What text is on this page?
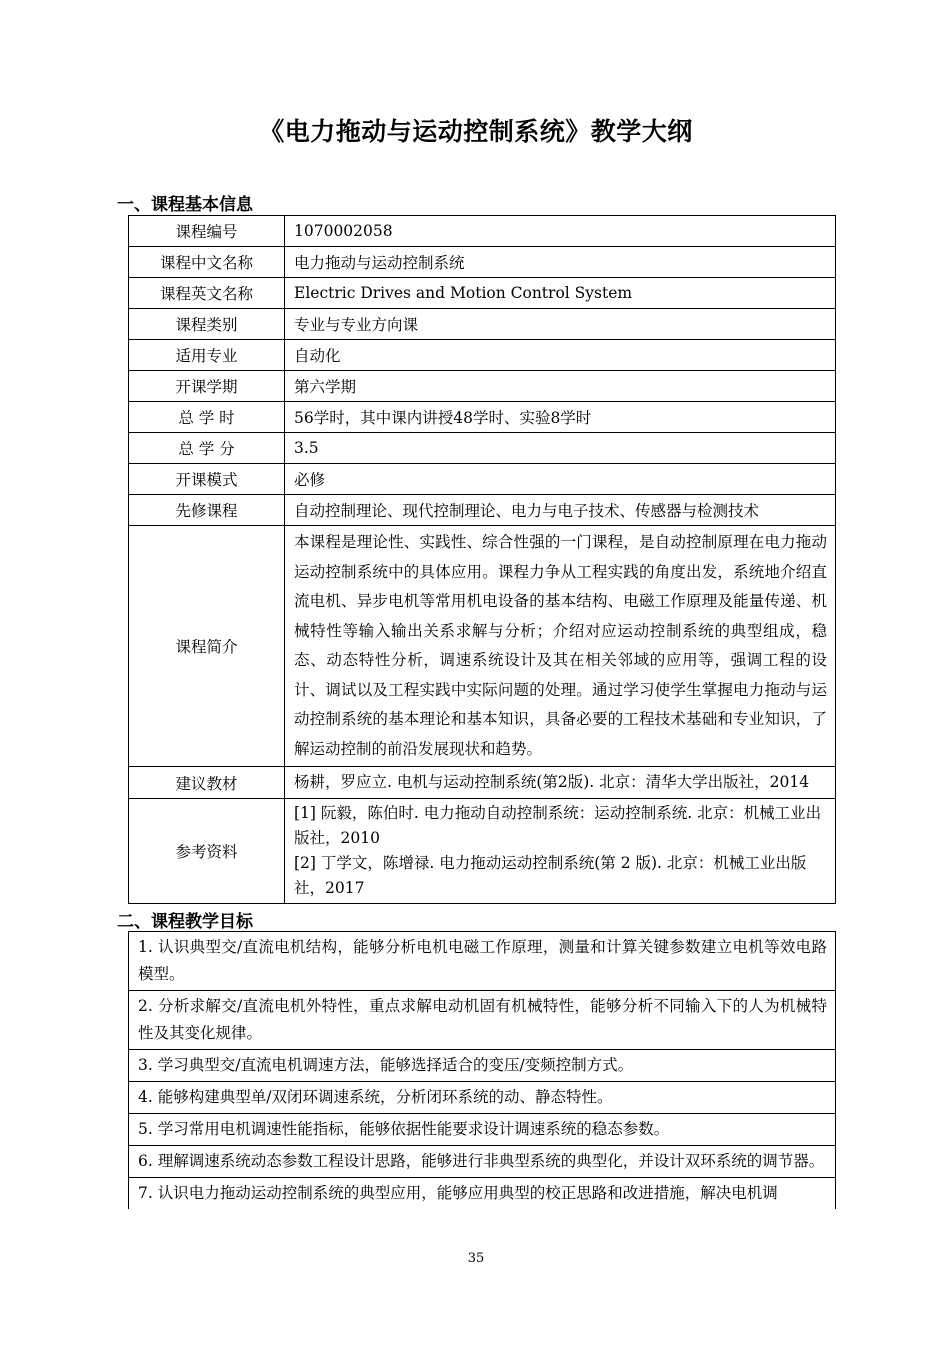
《电力拖动与运动控制系统》教学大纲
一、课程基本信息
课程编号	1070002058
课程中文名称	电力拖动与运动控制系统
课程英文名称	Electric Drives and Motion Control System
课程类别	专业与专业方向课
适用专业	自动化
开课学期	第六学期
总 学 时	56学时，其中课内讲授48学时、实验8学时
总 学 分	3.5
开课模式	必修
先修课程	自动控制理论、现代控制理论、电力与电子技术、传感器与检测技术
课程简介	本课程是理论性、实践性、综合性强的一门课程，是自动控制原理在电力拖动运动控制系统中的具体应用。课程力争从工程实践的角度出发，系统地介绍直流电机、异步电机等常用机电设备的基本结构、电磁工作原理及能量传递、机械特性等输入输出关系求解与分析；介绍对应运动控制系统的典型组成，稳态、动态特性分析，调速系统设计及其在相关邻域的应用等，强调工程的设计、调试以及工程实践中实际问题的处理。通过学习使学生掌握电力拖动与运动控制系统的基本理论和基本知识，具备必要的工程技术基础和专业知识，了解运动控制的前沿发展现状和趋势。
建议教材	杨耕，罗应立. 电机与运动控制系统(第2版). 北京：清华大学出版社，2014
参考资料	[1] 阮毅，陈伯时. 电力拖动自动控制系统：运动控制系统. 北京：机械工业出版社，2010
[2] 丁学文，陈增禄. 电力拖动运动控制系统(第 2 版). 北京：机械工业出版社，2017
二、课程教学目标
1. 认识典型交/直流电机结构，能够分析电机电磁工作原理，测量和计算关键参数建立电机等效电路模型。
2. 分析求解交/直流电机外特性，重点求解电动机固有机械特性，能够分析不同输入下的人为机械特性及其变化规律。
3. 学习典型交/直流电机调速方法，能够选择适合的变压/变频控制方式。
4. 能够构建典型单/双闭环调速系统，分析闭环系统的动、静态特性。
5. 学习常用电机调速性能指标，能够依据性能要求设计调速系统的稳态参数。
6. 理解调速系统动态参数工程设计思路，能够进行非典型系统的典型化，并设计双环系统的调节器。
7. 认识电力拖动运动控制系统的典型应用，能够应用典型的校正思路和改进措施，解决电机调
35
